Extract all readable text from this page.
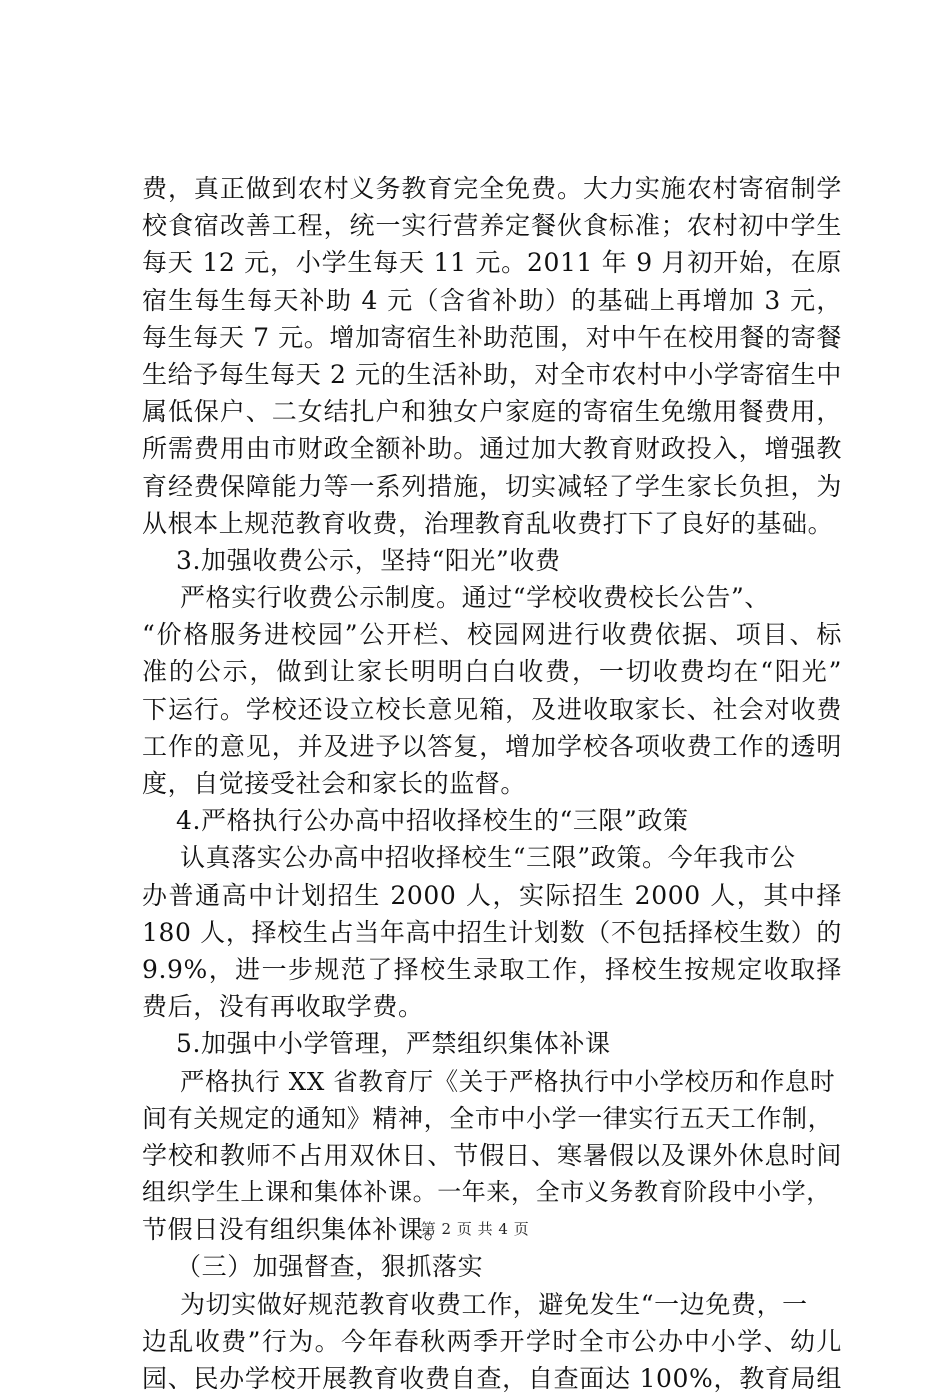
费，真正做到农村义务教育完全免费。大力实施农村寄宿制学
校食宿改善工程，统一实行营养定餐伙食标准；农村初中学生
每天 12 元，小学生每天 11 元。2011 年 9 月初开始，在原
宿生每生每天补助 4 元（含省补助）的基础上再增加 3 元，
每生每天 7 元。增加寄宿生补助范围，对中午在校用餐的寄餐
生给予每生每天 2 元的生活补助，对全市农村中小学寄宿生中
属低保户、二女结扎户和独女户家庭的寄宿生免缴用餐费用，
所需费用由市财政全额补助。通过加大教育财政投入，增强教
育经费保障能力等一系列措施，切实减轻了学生家长负担，为
从根本上规范教育收费，治理教育乱收费打下了良好的基础。
3.加强收费公示，坚持“阳光”收费
严格实行收费公示制度。通过“学校收费校长公告”、
“价格服务进校园”公开栏、校园网进行收费依据、项目、标
准的公示，做到让家长明明白白收费，一切收费均在“阳光”
下运行。学校还设立校长意见箱，及进收取家长、社会对收费
工作的意见，并及进予以答复，增加学校各项收费工作的透明
度，自觉接受社会和家长的监督。
4.严格执行公办高中招收择校生的“三限”政策
认真落实公办高中招收择校生“三限”政策。今年我市公
办普通高中计划招生 2000 人，实际招生 2000 人，其中择
180 人，择校生占当年高中招生计划数（不包括择校生数）的
9.9%，进一步规范了择校生录取工作，择校生按规定收取择
费后，没有再收取学费。
5.加强中小学管理，严禁组织集体补课
严格执行 XX 省教育厅《关于严格执行中小学校历和作息时
间有关规定的通知》精神，全市中小学一律实行五天工作制，
学校和教师不占用双休日、节假日、寒暑假以及课外休息时间
组织学生上课和集体补课。一年来，全市义务教育阶段中小学，
节假日没有组织集体补课。
（三）加强督查，狠抓落实
为切实做好规范教育收费工作，避免发生“一边免费，一
边乱收费”行为。今年春秋两季开学时全市公办中小学、幼儿
园、民办学校开展教育收费自查，自查面达 100%，教育局组
第 2 页 共 4 页
